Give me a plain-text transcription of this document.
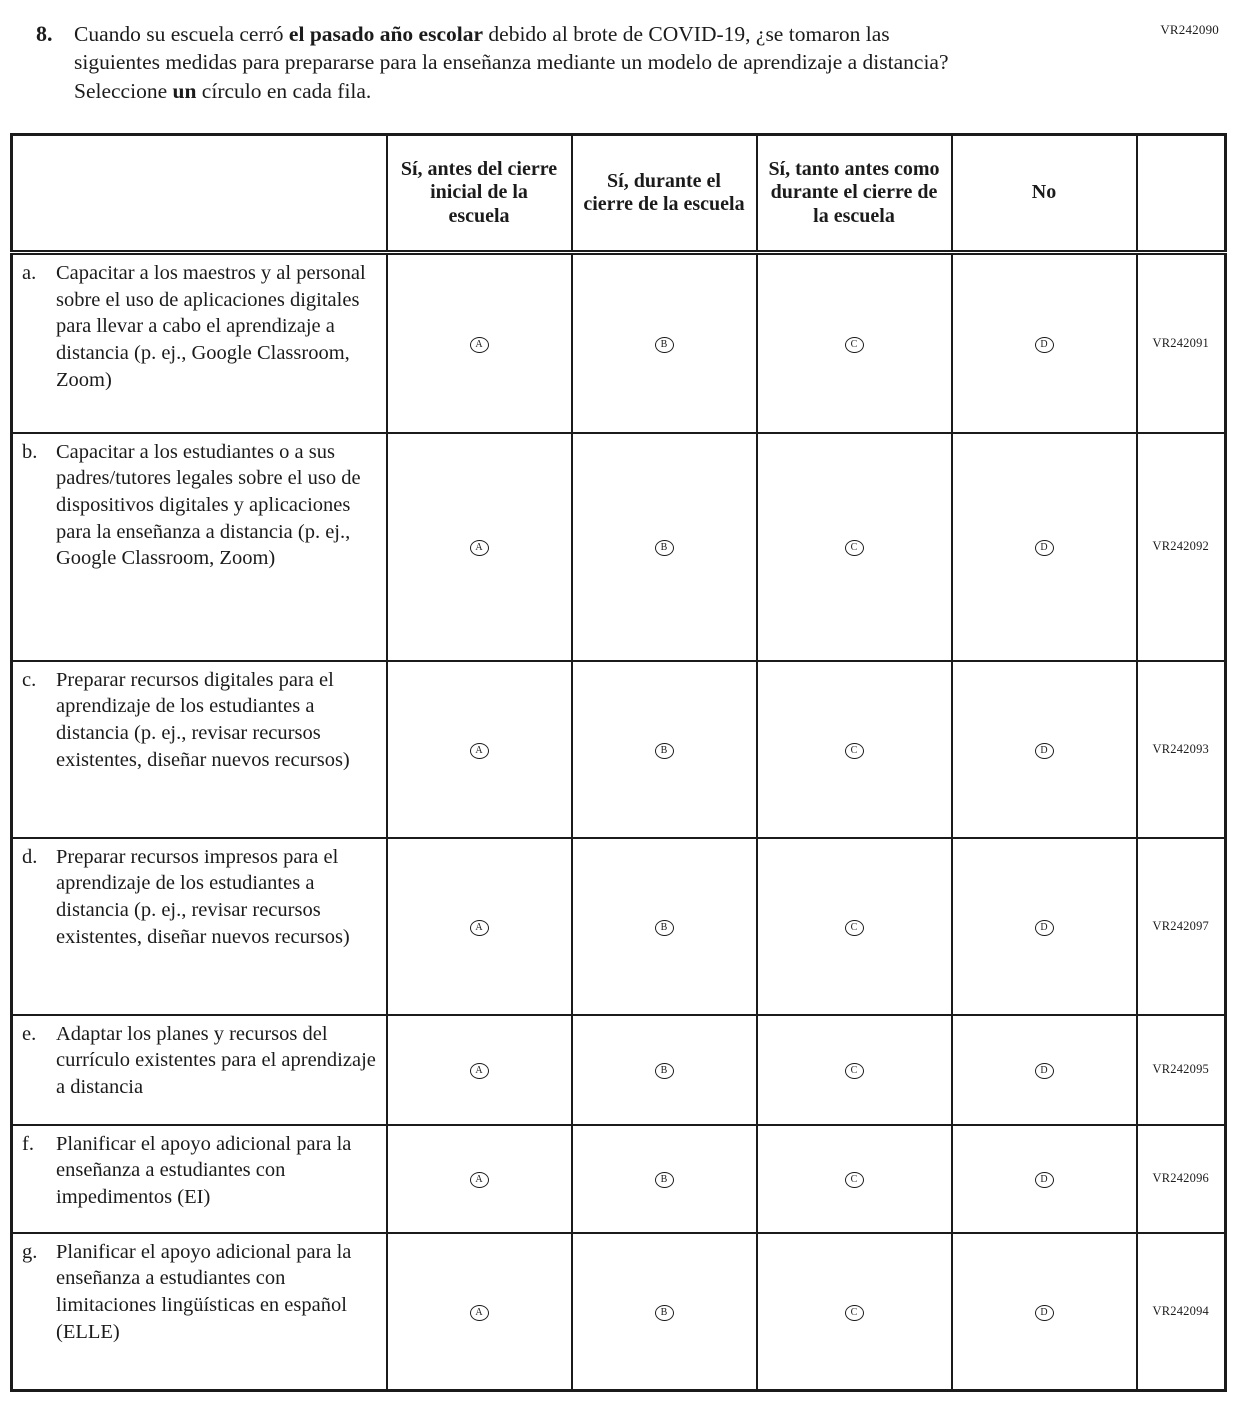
VR242090
8.	Cuando su escuela cerró el pasado año escolar debido al brote de COVID-19, ¿se tomaron las siguientes medidas para prepararse para la enseñanza mediante un modelo de aprendizaje a distancia? Seleccione un círculo en cada fila.
	Sí, antes del cierre inicial de la escuela	Sí, durante el cierre de la escuela	Sí, tanto antes como durante el cierre de la escuela	No	

a. Capacitar a los maestros y al personal sobre el uso de aplicaciones digitales para llevar a cabo el aprendizaje a distancia (p. ej., Google Classroom, Zoom)	A	B	C	D	VR242091

b. Capacitar a los estudiantes o a sus padres/tutores legales sobre el uso de dispositivos digitales y aplicaciones para la enseñanza a distancia (p. ej., Google Classroom, Zoom)	A	B	C	D	VR242092

c. Preparar recursos digitales para el aprendizaje de los estudiantes a distancia (p. ej., revisar recursos existentes, diseñar nuevos recursos)	A	B	C	D	VR242093

d. Preparar recursos impresos para el aprendizaje de los estudiantes a distancia (p. ej., revisar recursos existentes, diseñar nuevos recursos)	A	B	C	D	VR242097

e. Adaptar los planes y recursos del currículo existentes para el aprendizaje a distancia	A	B	C	D	VR242095

f. Planificar el apoyo adicional para la enseñanza a estudiantes con impedimentos (EI)	A	B	C	D	VR242096

g. Planificar el apoyo adicional para la enseñanza a estudiantes con limitaciones lingüísticas en español (ELLE)	A	B	C	D	VR242094
